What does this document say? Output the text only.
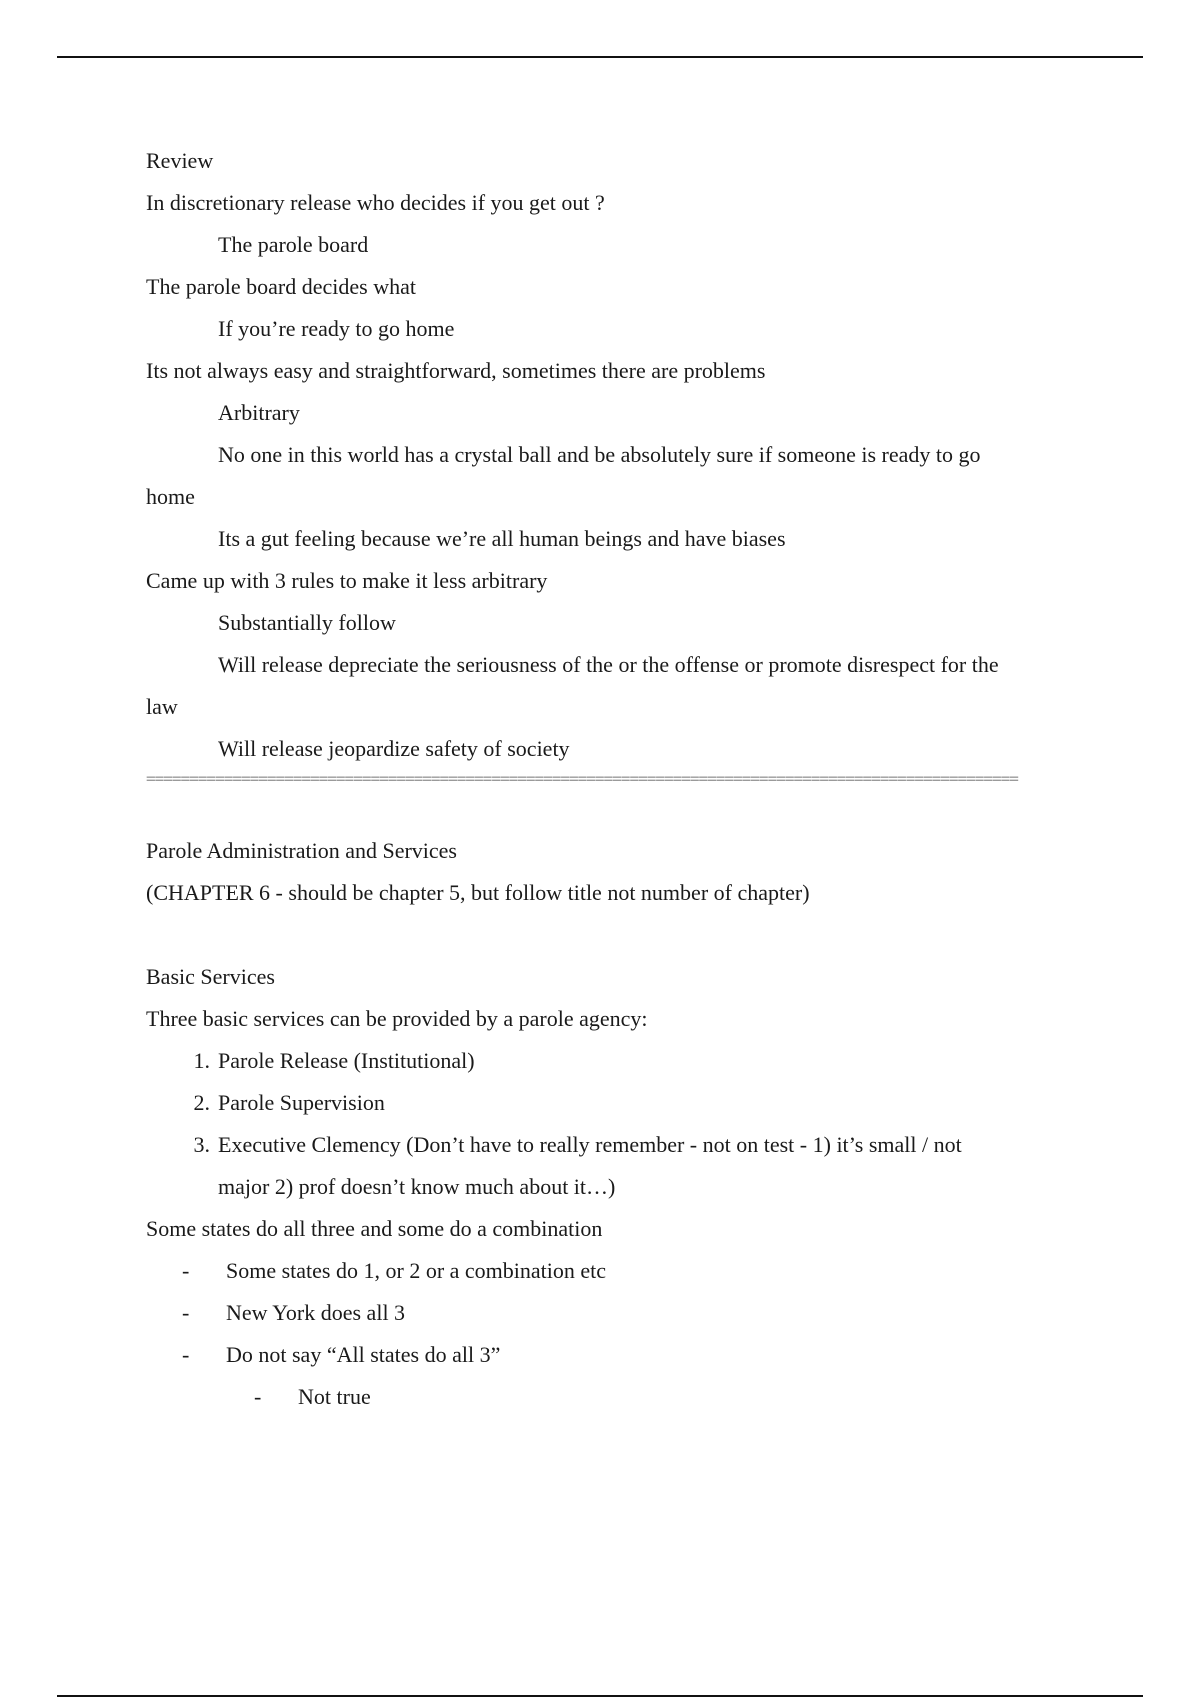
Review
In discretionary release who decides if you get out ?
The parole board
The parole board decides what
If you’re ready to go home
Its not always easy and straightforward, sometimes there are problems
Arbitrary
No one in this world has a crystal ball and be absolutely sure if someone is ready to go
home
Its a gut feeling because we’re all human beings and have biases
Came up with 3 rules to make it less arbitrary
Substantially follow
Will release depreciate the seriousness of the or the offense or promote disrespect for the
law
Will release jeopardize safety of society
=====================================================================================================
Parole Administration and Services
(CHAPTER 6 - should be chapter 5, but follow title not number of chapter)
Basic Services
Three basic services can be provided by a parole agency:
1. Parole Release (Institutional)
2. Parole Supervision
3. Executive Clemency (Don’t have to really remember - not on test - 1) it’s small / not
major 2) prof doesn’t know much about it…)
Some states do all three and some do a combination
- Some states do 1, or 2 or a combination etc
- New York does all 3
- Do not say “All states do all 3”
- Not true
